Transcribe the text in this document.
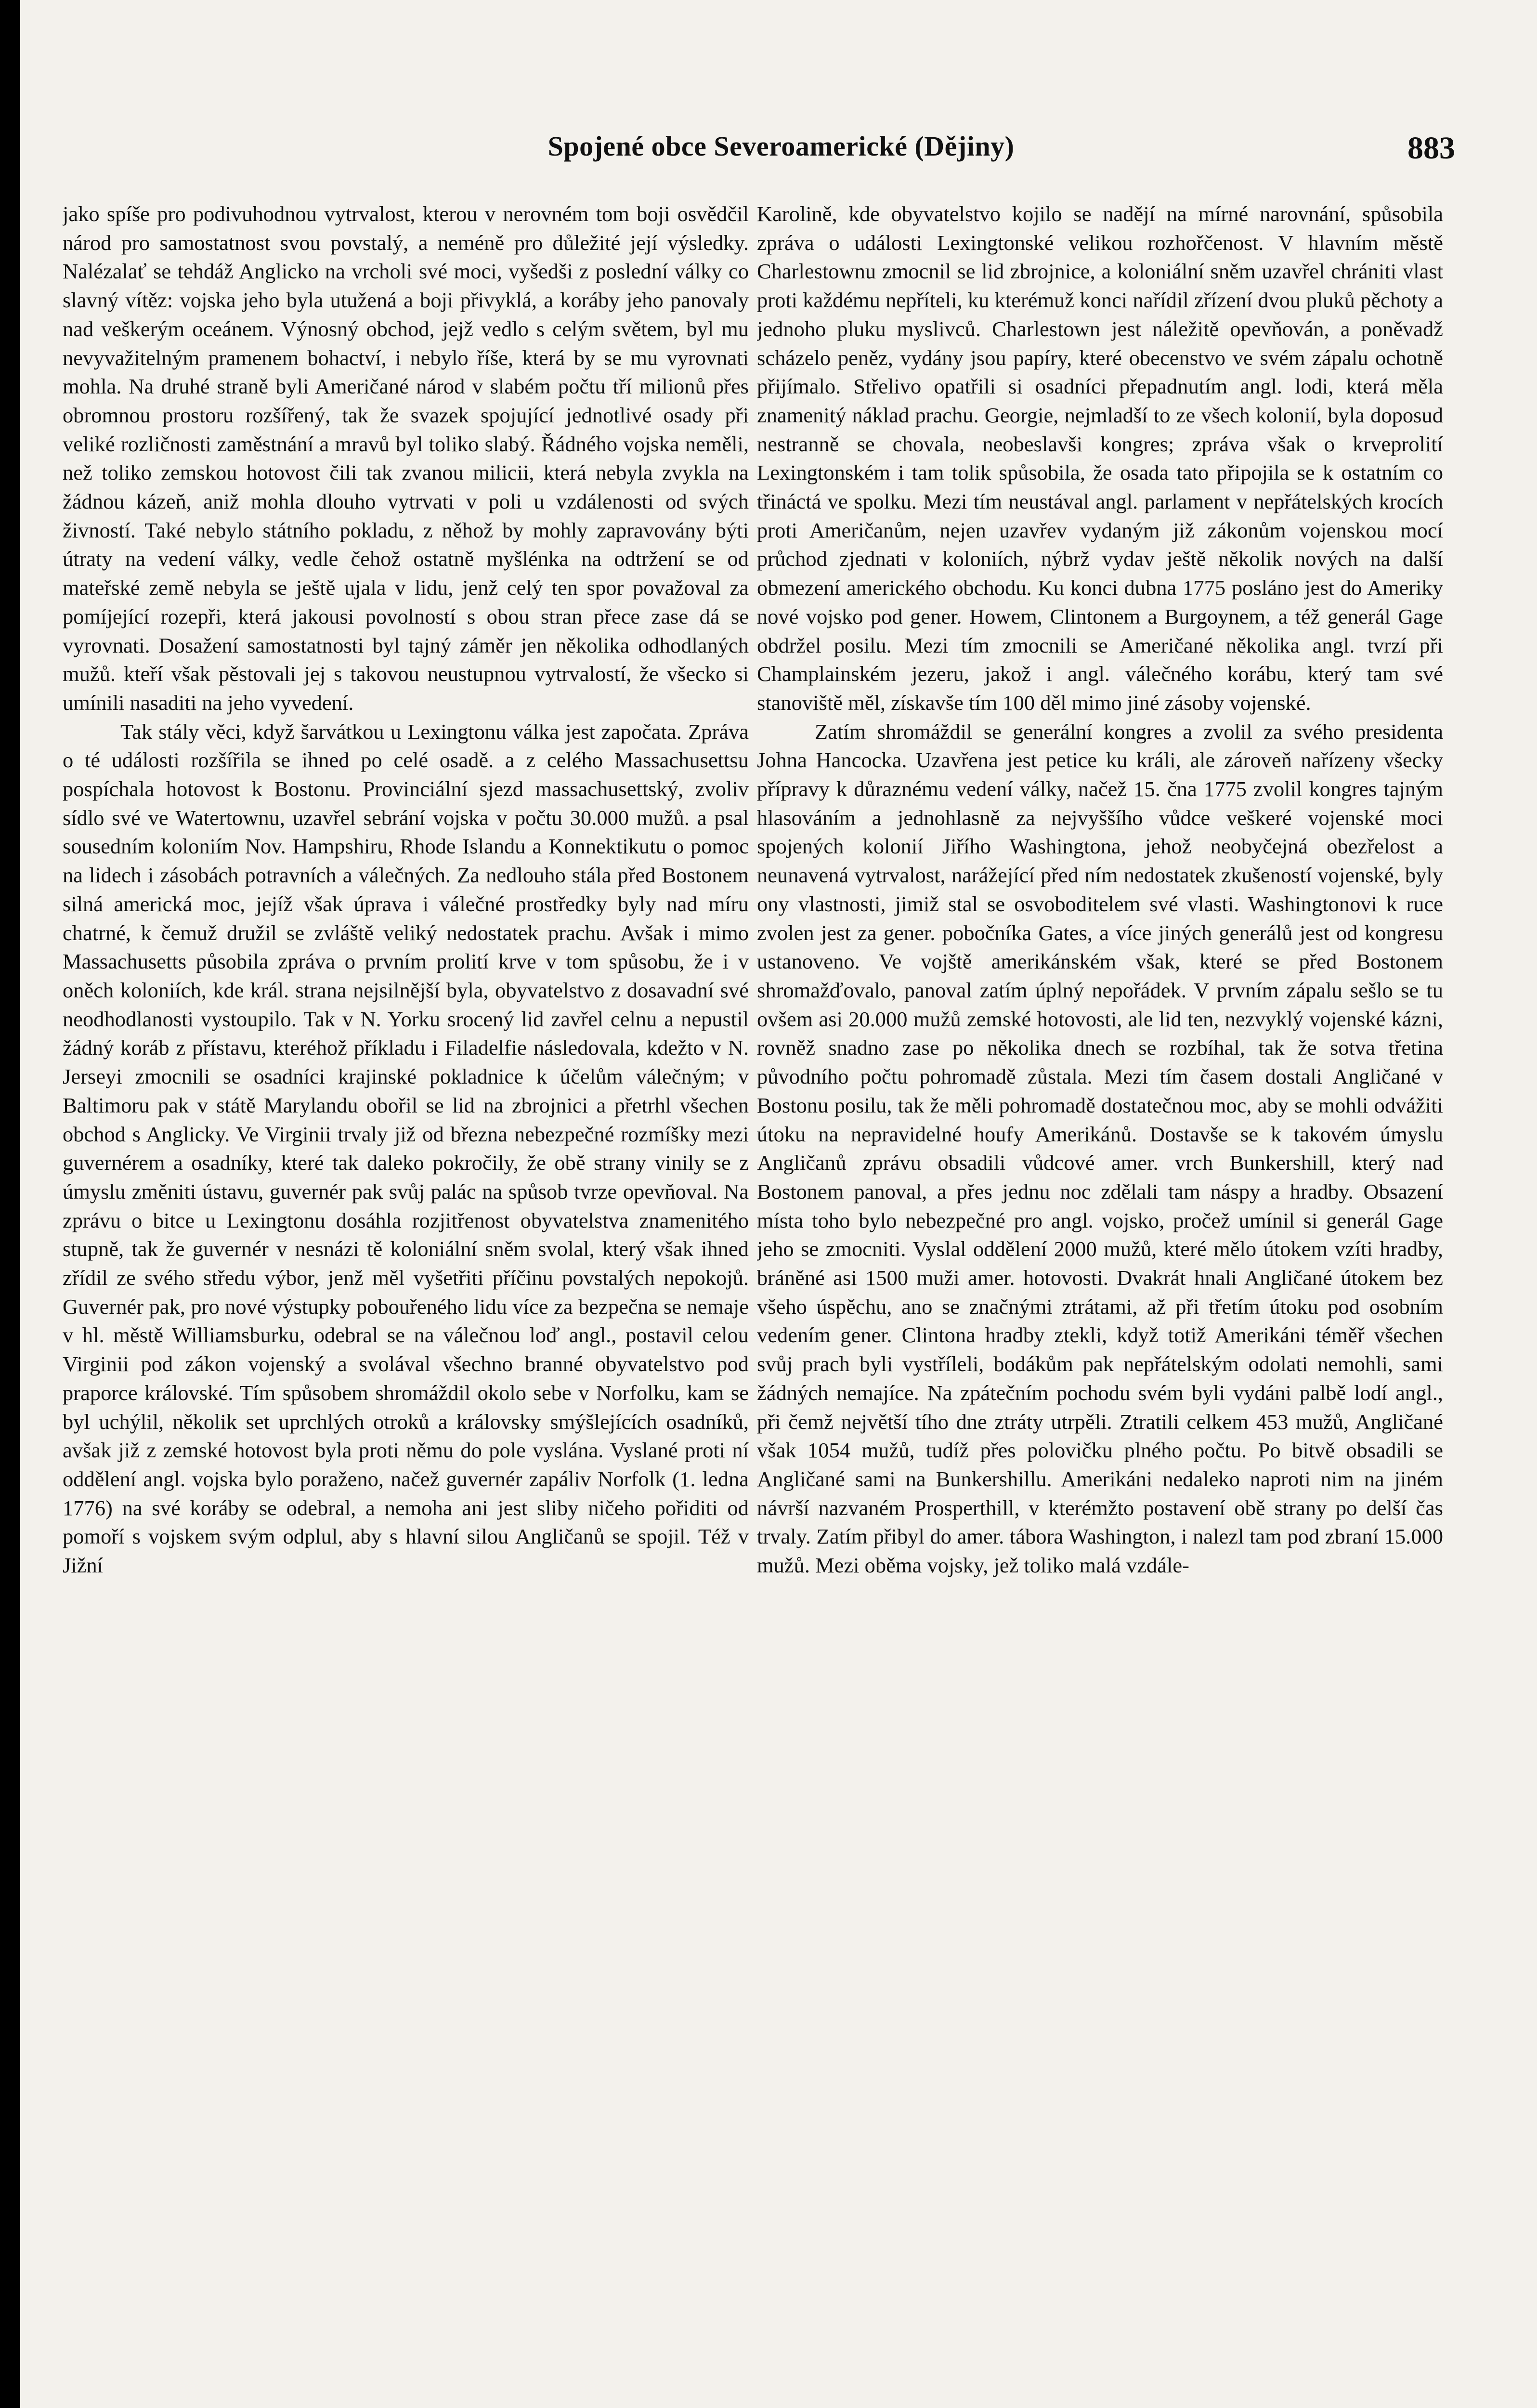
Spojené obce Severoamerické (Dějiny)	883

jako spíše pro podivuhodnou vytrvalost, kterou v nerovném tom boji osvědčil národ pro samostatnost svou povstalý, a neméně pro důležité její výsledky. Nalézalať se tehdáž Anglicko na vrcholi své moci, vyšedši z poslední války co slavný vítěz: vojska jeho byla utužená a boji přivyklá, a koráby jeho panovaly nad veškerým oceánem. Výnosný obchod, jejž vedlo s celým světem, byl mu nevyvažitelným pramenem bohactví, i nebylo říše, která by se mu vyrovnati mohla. Na druhé straně byli Američané národ v slabém počtu tří milionů přes obromnou prostoru rozšířený, tak že svazek spojující jednotlivé osady při veliké rozličnosti zaměstnání a mravů byl toliko slabý. Řádného vojska neměli, než toliko zemskou hotovost čili tak zvanou milicii, která nebyla zvykla na žádnou kázeň, aniž mohla dlouho vytrvati v poli u vzdálenosti od svých živností. Také nebylo státního pokladu, z něhož by mohly zapravovány býti útraty na vedení války, vedle čehož ostatně myšlénka na odtržení se od mateřské země nebyla se ještě ujala v lidu, jenž celý ten spor považoval za pomíjející rozepři, která jakousi povolností s obou stran přece zase dá se vyrovnati. Dosažení samostatnosti byl tajný záměr jen několika odhodlaných mužů. kteří však pěstovali jej s takovou neustupnou vytrvalostí, že všecko si umínili nasaditi na jeho vyvedení.

Tak stály věci, když šarvátkou u Lexingtonu válka jest započata. Zpráva o té události rozšířila se ihned po celé osadě. a z celého Massachusettsu pospíchala hotovost k Bostonu. Provinciální sjezd massachusettský, zvoliv sídlo své ve Watertownu, uzavřel sebrání vojska v počtu 30.000 mužů. a psal sousedním koloniím Nov. Hampshiru, Rhode Islandu a Konnektikutu o pomoc na lidech i zásobách potravních a válečných. Za nedlouho stála před Bostonem silná americká moc, jejíž však úprava i válečné prostředky byly nad míru chatrné, k čemuž družil se zvláště veliký nedostatek prachu. Avšak i mimo Massachusetts působila zpráva o prvním prolití krve v tom spůsobu, že i v oněch koloniích, kde král. strana nejsilnější byla, obyvatelstvo z dosavadní své neodhodlanosti vystoupilo. Tak v N. Yorku srocený lid zavřel celnu a nepustil žádný koráb z přístavu, kteréhož příkladu i Filadelfie následovala, kdežto v N. Jerseyi zmocnili se osadníci krajinské pokladnice k účelům válečným; v Baltimoru pak v státě Marylandu obořil se lid na zbrojnici a přetrhl všechen obchod s Anglicky. Ve Virginii trvaly již od března nebezpečné rozmíšky mezi guvernérem a osadníky, které tak daleko pokročily, že obě strany vinily se z úmyslu změniti ústavu, guvernér pak svůj palác na spůsob tvrze opevňoval. Na zprávu o bitce u Lexingtonu dosáhla rozjitřenost obyvatelstva znamenitého stupně, tak že guvernér v nesnázi tě koloniální sněm svolal, který však ihned zřídil ze svého středu výbor, jenž měl vyšetřiti příčinu povstalých nepokojů. Guvernér pak, pro nové výstupky pobouřeného lidu více za bezpečna se nemaje v hl. městě Williamsburku, odebral se na válečnou loď angl., postavil celou Virginii pod zákon vojenský a svolával všechno branné obyvatelstvo pod praporce královské. Tím spůsobem shromáždil okolo sebe v Norfolku, kam se byl uchýlil, několik set uprchlých otroků a královsky smýšlejících osadníků, avšak již z zemské hotovost byla proti němu do pole vyslána. Vyslané proti ní oddělení angl. vojska bylo poraženo, načež guvernér zapáliv Norfolk (1. ledna 1776) na své koráby se odebral, a nemoha ani jest sliby ničeho pořiditi od pomoří s vojskem svým odplul, aby s hlavní silou Angličanů se spojil. Též v Jižní

Karolině, kde obyvatelstvo kojilo se nadějí na mírné narovnání, spůsobila zpráva o události Lexingtonské velikou rozhořčenost. V hlavním městě Charlestownu zmocnil se lid zbrojnice, a koloniální sněm uzavřel chrániti vlast proti každému nepříteli, ku kterémuž konci nařídil zřízení dvou pluků pěchoty a jednoho pluku myslivců. Charlestown jest náležitě opevňován, a poněvadž scházelo peněz, vydány jsou papíry, které obecenstvo ve svém zápalu ochotně přijímalo. Střelivo opatřili si osadníci přepadnutím angl. lodi, která měla znamenitý náklad prachu. Georgie, nejmladší to ze všech kolonií, byla doposud nestranně se chovala, neobeslavši kongres; zpráva však o krveprolití Lexingtonském i tam tolik spůsobila, že osada tato připojila se k ostatním co třináctá ve spolku. Mezi tím neustával angl. parlament v nepřátelských krocích proti Američanům, nejen uzavřev vydaným již zákonům vojenskou mocí průchod zjednati v koloniích, nýbrž vydav ještě několik nových na další obmezení amerického obchodu. Ku konci dubna 1775 posláno jest do Ameriky nové vojsko pod gener. Howem, Clintonem a Burgoynem, a též generál Gage obdržel posilu. Mezi tím zmocnili se Američané několika angl. tvrzí při Champlainském jezeru, jakož i angl. válečného korábu, který tam své stanoviště měl, získavše tím 100 děl mimo jiné zásoby vojenské.

Zatím shromáždil se generální kongres a zvolil za svého presidenta Johna Hancocka. Uzavřena jest petice ku králi, ale zároveň nařízeny všecky přípravy k důraznému vedení války, načež 15. čna 1775 zvolil kongres tajným hlasováním a jednohlasně za nejvyššího vůdce veškeré vojenské moci spojených kolonií Jiřího Washingtona, jehož neobyčejná obezřelost a neunavená vytrvalost, narážející před ním nedostatek zkušeností vojenské, byly ony vlastnosti, jimiž stal se osvoboditelem své vlasti. Washingtonovi k ruce zvolen jest za gener. pobočníka Gates, a více jiných generálů jest od kongresu ustanoveno. Ve vojště amerikánském však, které se před Bostonem shromažďovalo, panoval zatím úplný nepořádek. V prvním zápalu sešlo se tu ovšem asi 20.000 mužů zemské hotovosti, ale lid ten, nezvyklý vojenské kázni, rovněž snadno zase po několika dnech se rozbíhal, tak že sotva třetina původního počtu pohromadě zůstala. Mezi tím časem dostali Angličané v Bostonu posilu, tak že měli pohromadě dostatečnou moc, aby se mohli odvážiti útoku na nepravidelné houfy Amerikánů. Dostavše se k takovém úmyslu Angličanů zprávu obsadili vůdcové amer. vrch Bunkershill, který nad Bostonem panoval, a přes jednu noc zdělali tam náspy a hradby. Obsazení místa toho bylo nebezpečné pro angl. vojsko, pročež umínil si generál Gage jeho se zmocniti. Vyslal oddělení 2000 mužů, které mělo útokem vzíti hradby, bráněné asi 1500 muži amer. hotovosti. Dvakrát hnali Angličané útokem bez všeho úspěchu, ano se značnými ztrátami, až při třetím útoku pod osobním vedením gener. Clintona hradby ztekli, když totiž Amerikáni téměř všechen svůj prach byli vystříleli, bodákům pak nepřátelským odolati nemohli, sami žádných nemajíce. Na zpátečním pochodu svém byli vydáni palbě lodí angl., při čemž největší tího dne ztráty utrpěli. Ztratili celkem 453 mužů, Angličané však 1054 mužů, tudíž přes polovičku plného počtu. Po bitvě obsadili se Angličané sami na Bunkershillu. Amerikáni nedaleko naproti nim na jiném návrší nazvaném Prosperthill, v kterémžto postavení obě strany po delší čas trvaly. Zatím přibyl do amer. tábora Washington, i nalezl tam pod zbraní 15.000 mužů. Mezi oběma vojsky, jež toliko malá vzdále-
